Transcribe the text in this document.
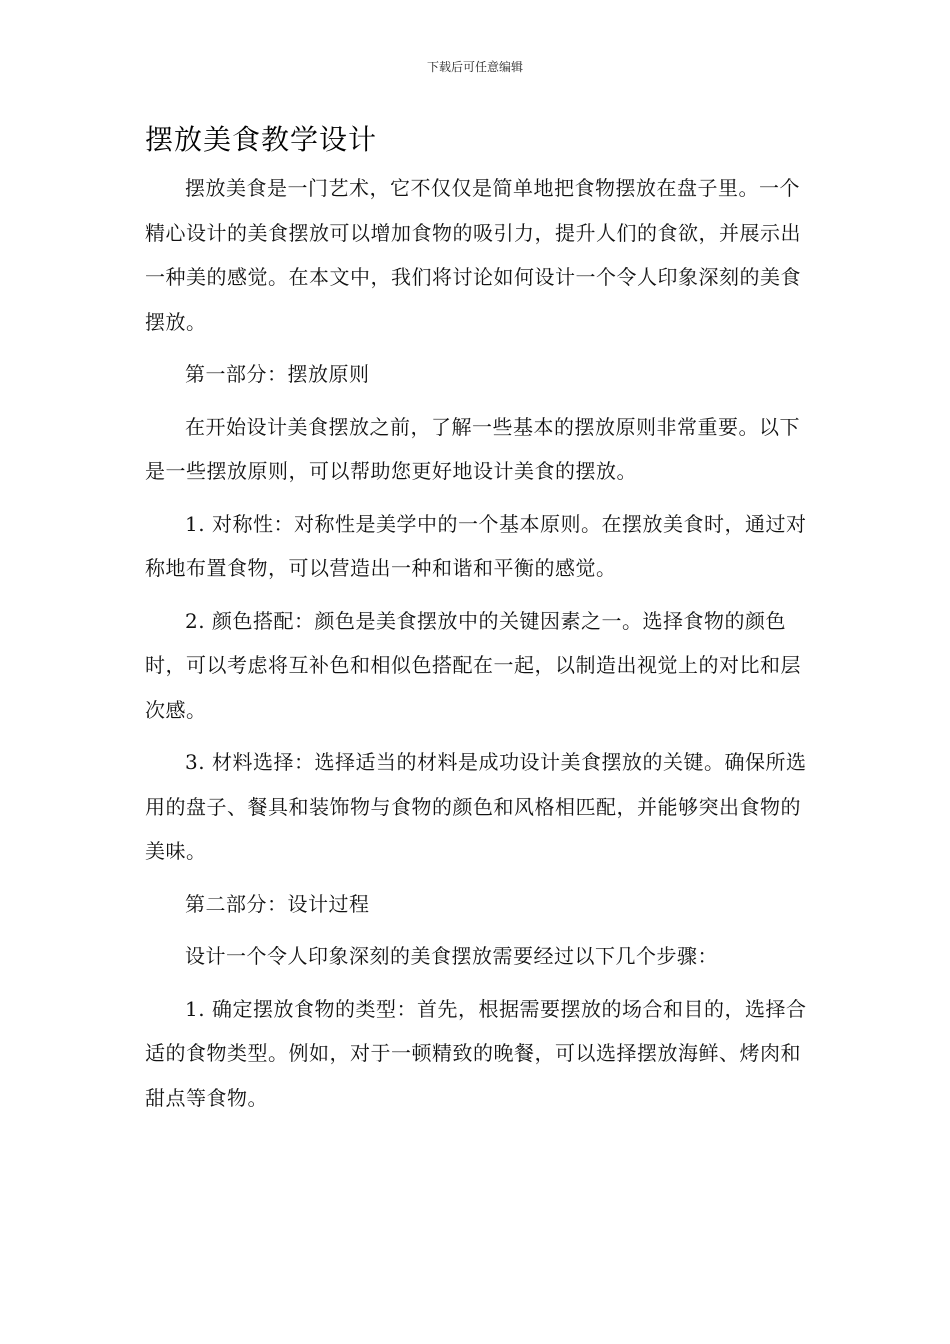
下载后可任意编辑
摆放美食教学设计

摆放美食是一门艺术，它不仅仅是简单地把食物摆放在盘子里。一个精心设计的美食摆放可以增加食物的吸引力，提升人们的食欲，并展示出一种美的感觉。在本文中，我们将讨论如何设计一个令人印象深刻的美食摆放。

第一部分：摆放原则

在开始设计美食摆放之前，了解一些基本的摆放原则非常重要。以下是一些摆放原则，可以帮助您更好地设计美食的摆放。

1. 对称性：对称性是美学中的一个基本原则。在摆放美食时，通过对称地布置食物，可以营造出一种和谐和平衡的感觉。

2. 颜色搭配：颜色是美食摆放中的关键因素之一。选择食物的颜色时，可以考虑将互补色和相似色搭配在一起，以制造出视觉上的对比和层次感。

3. 材料选择：选择适当的材料是成功设计美食摆放的关键。确保所选用的盘子、餐具和装饰物与食物的颜色和风格相匹配，并能够突出食物的美味。

第二部分：设计过程

设计一个令人印象深刻的美食摆放需要经过以下几个步骤：

1. 确定摆放食物的类型：首先，根据需要摆放的场合和目的，选择合适的食物类型。例如，对于一顿精致的晚餐，可以选择摆放海鲜、烤肉和甜点等食物。
